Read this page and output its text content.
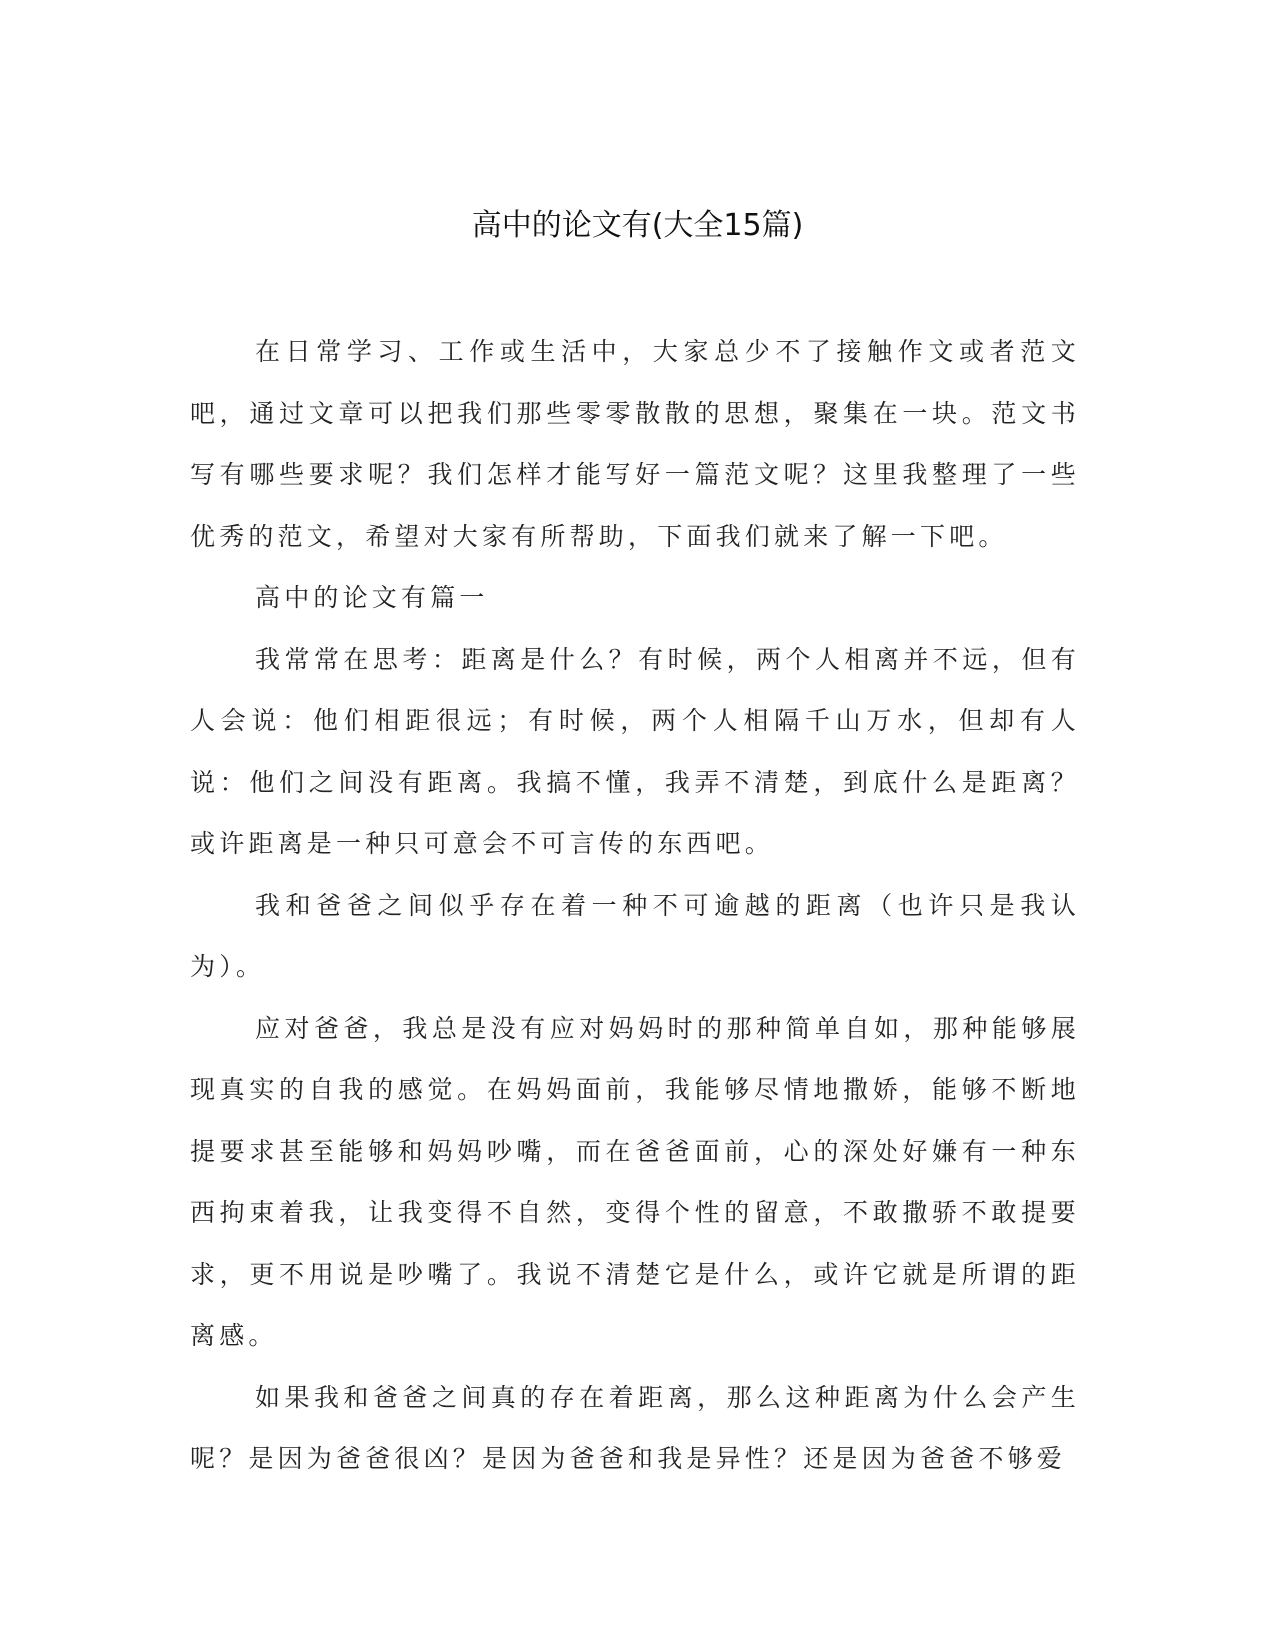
高中的论文有(大全15篇)

在日常学习、工作或生活中，大家总少不了接触作文或者范文吧，通过文章可以把我们那些零零散散的思想，聚集在一块。范文书写有哪些要求呢？我们怎样才能写好一篇范文呢？这里我整理了一些优秀的范文，希望对大家有所帮助，下面我们就来了解一下吧。

高中的论文有篇一

我常常在思考：距离是什么？有时候，两个人相离并不远，但有人会说：他们相距很远；有时候，两个人相隔千山万水，但却有人说：他们之间没有距离。我搞不懂，我弄不清楚，到底什么是距离？或许距离是一种只可意会不可言传的东西吧。

我和爸爸之间似乎存在着一种不可逾越的距离（也许只是我认为）。

应对爸爸，我总是没有应对妈妈时的那种简单自如，那种能够展现真实的自我的感觉。在妈妈面前，我能够尽情地撒娇，能够不断地提要求甚至能够和妈妈吵嘴，而在爸爸面前，心的深处好嫌有一种东西拘束着我，让我变得不自然，变得个性的留意，不敢撒骄不敢提要求，更不用说是吵嘴了。我说不清楚它是什么，或许它就是所谓的距离感。

如果我和爸爸之间真的存在着距离，那么这种距离为什么会产生呢？是因为爸爸很凶？是因为爸爸和我是异性？还是因为爸爸不够爱
